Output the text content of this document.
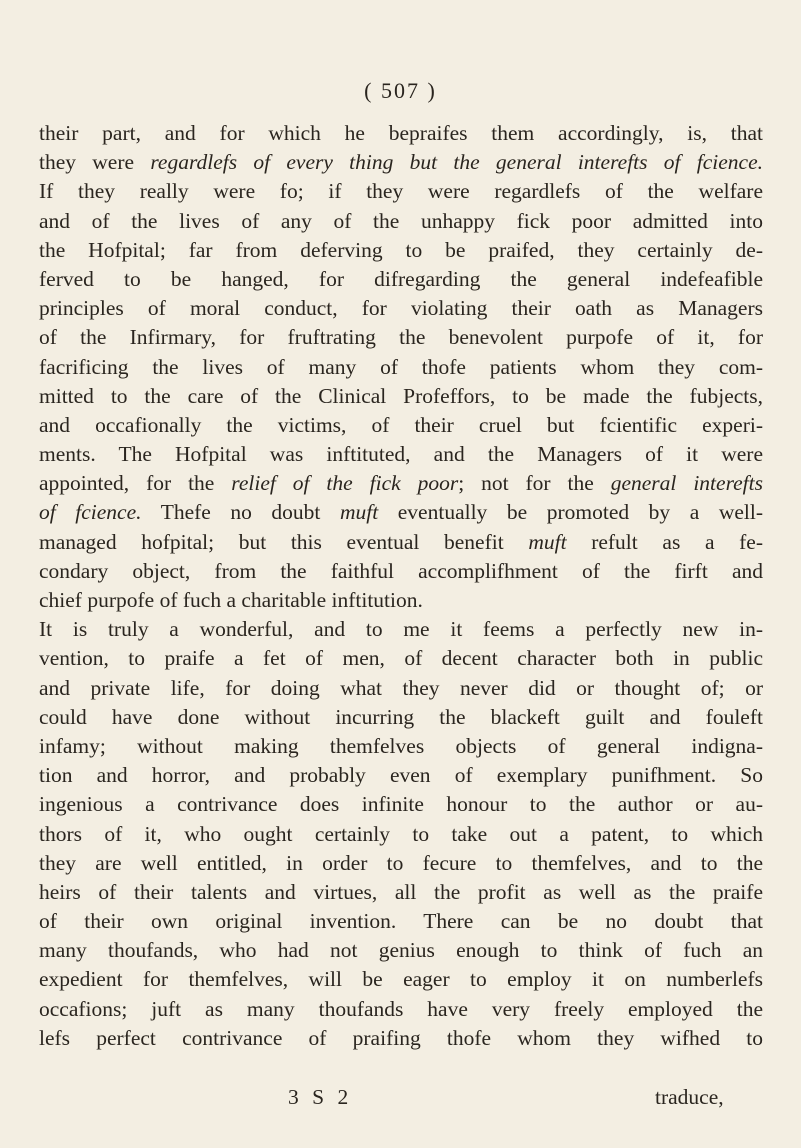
( 507 )
their part, and for which he bepraifes them accordingly, is, that
they were regardlefs of every thing but the general interefts of fcience.
If they really were fo; if they were regardlefs of the welfare
and of the lives of any of the unhappy fick poor admitted into
the Hofpital; far from deferving to be praifed, they certainly de-
ferved to be hanged, for difregarding the general indefeafible
principles of moral conduct, for violating their oath as Managers
of the Infirmary, for fruftrating the benevolent purpofe of it, for
facrificing the lives of many of thofe patients whom they com-
mitted to the care of the Clinical Profeffors, to be made the fubjects,
and occafionally the victims, of their cruel but fcientific experi-
ments. The Hofpital was inftituted, and the Managers of it were
appointed, for the relief of the fick poor; not for the general interefts
of fcience. Thefe no doubt muft eventually be promoted by a well-
managed hofpital; but this eventual benefit muft refult as a fe-
condary object, from the faithful accomplifhment of the firft and
chief purpofe of fuch a charitable inftitution.
It is truly a wonderful, and to me it feems a perfectly new in-
vention, to praife a fet of men, of decent character both in public
and private life, for doing what they never did or thought of; or
could have done without incurring the blackeft guilt and fouleft
infamy; without making themfelves objects of general indigna-
tion and horror, and probably even of exemplary punifhment. So
ingenious a contrivance does infinite honour to the author or au-
thors of it, who ought certainly to take out a patent, to which
they are well entitled, in order to fecure to themfelves, and to the
heirs of their talents and virtues, all the profit as well as the praife
of their own original invention. There can be no doubt that
many thoufands, who had not genius enough to think of fuch an
expedient for themfelves, will be eager to employ it on numberlefs
occafions; juft as many thoufands have very freely employed the
lefs perfect contrivance of praifing thofe whom they wifhed to
3 S 2	traduce,
